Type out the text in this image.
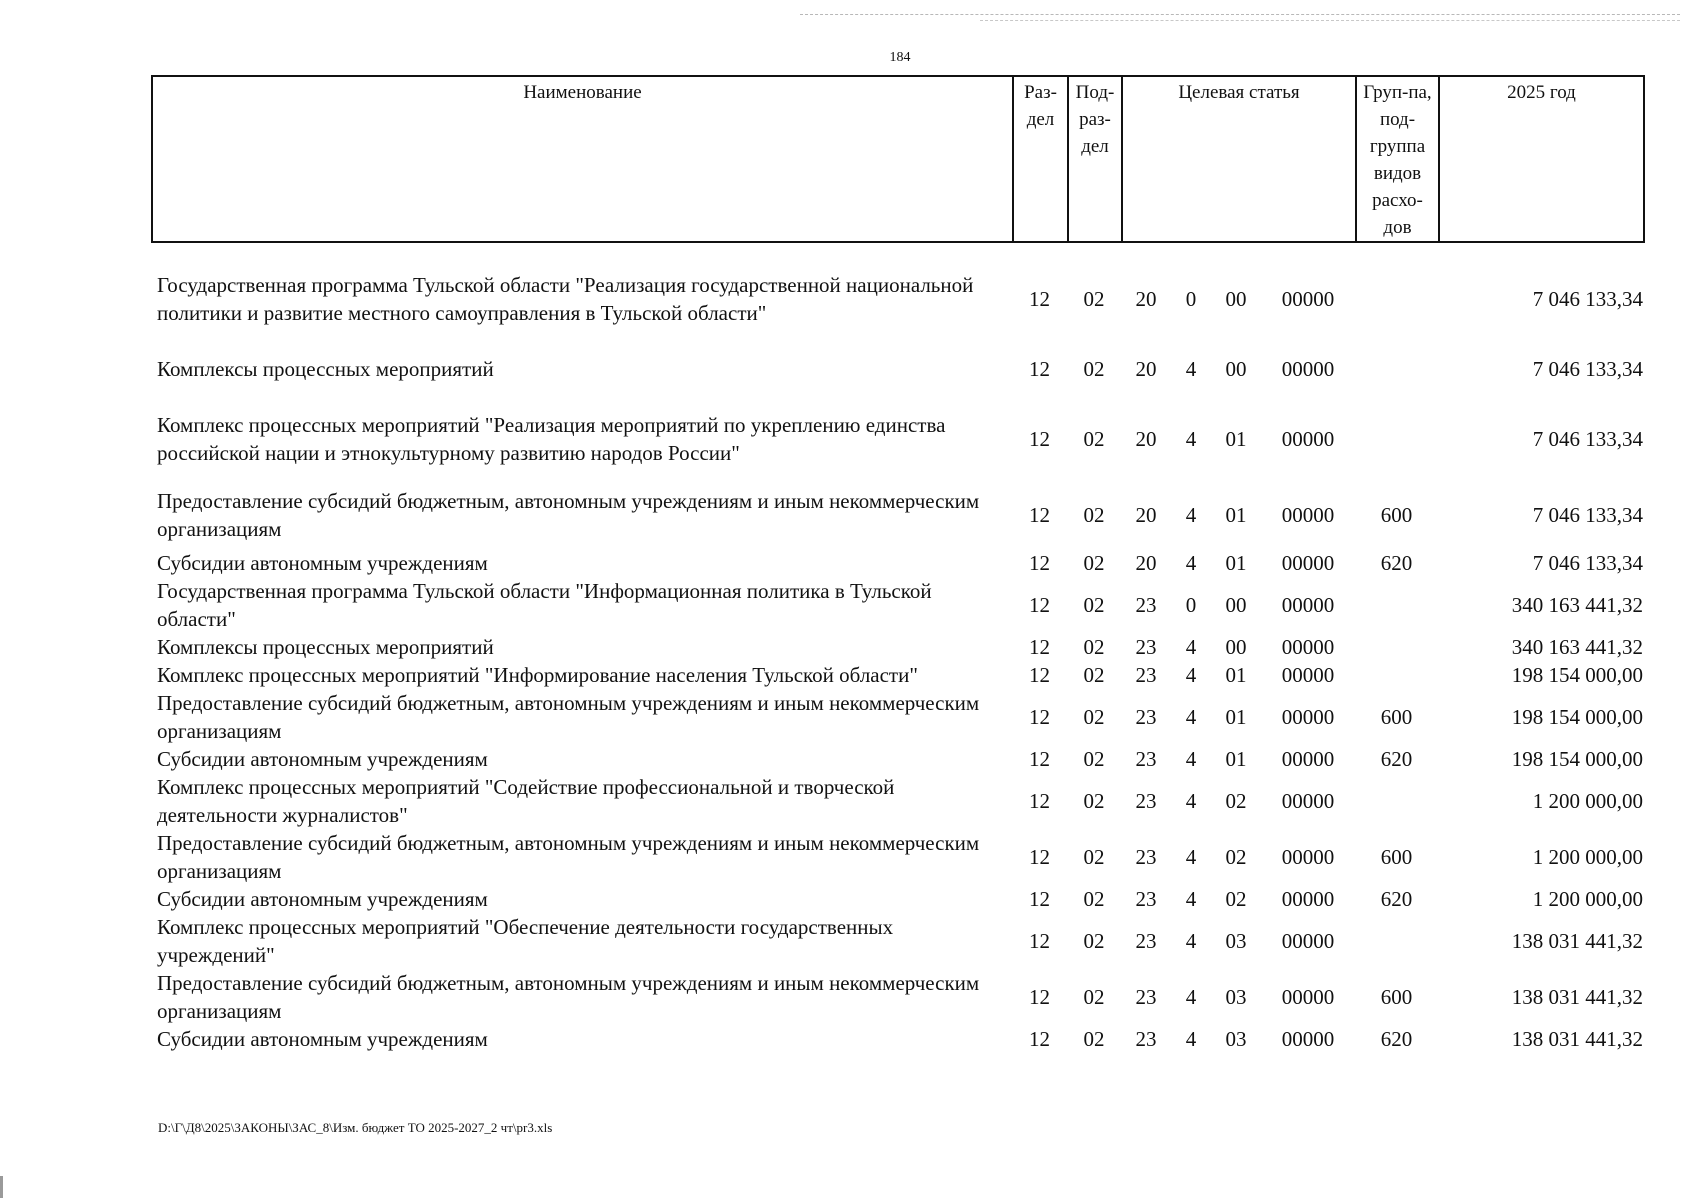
184
Наименование	Раз-дел	Под-раз-дел	Целевая статья	Груп-па, под-группа видов расхо-дов	2025 год
Государственная программа Тульской области "Реализация государственной национальной политики и развитие местного самоуправления в Тульской области"	12	02	20	0	00	00000		7 046 133,34
Комплексы процессных мероприятий	12	02	20	4	00	00000		7 046 133,34
Комплекс процессных мероприятий "Реализация мероприятий по укреплению единства российской нации и этнокультурному развитию народов России"	12	02	20	4	01	00000		7 046 133,34
Предоставление субсидий бюджетным, автономным учреждениям и иным некоммерческим организациям	12	02	20	4	01	00000	600	7 046 133,34
Субсидии автономным учреждениям	12	02	20	4	01	00000	620	7 046 133,34
Государственная программа Тульской области "Информационная политика в Тульской области"	12	02	23	0	00	00000		340 163 441,32
Комплексы процессных мероприятий	12	02	23	4	00	00000		340 163 441,32
Комплекс процессных мероприятий "Информирование населения Тульской области"	12	02	23	4	01	00000		198 154 000,00
Предоставление субсидий бюджетным, автономным учреждениям и иным некоммерческим организациям	12	02	23	4	01	00000	600	198 154 000,00
Субсидии автономным учреждениям	12	02	23	4	01	00000	620	198 154 000,00
Комплекс процессных мероприятий "Содействие профессиональной и творческой деятельности журналистов"	12	02	23	4	02	00000		1 200 000,00
Предоставление субсидий бюджетным, автономным учреждениям и иным некоммерческим организациям	12	02	23	4	02	00000	600	1 200 000,00
Субсидии автономным учреждениям	12	02	23	4	02	00000	620	1 200 000,00
Комплекс процессных мероприятий "Обеспечение деятельности государственных учреждений"	12	02	23	4	03	00000		138 031 441,32
Предоставление субсидий бюджетным, автономным учреждениям и иным некоммерческим организациям	12	02	23	4	03	00000	600	138 031 441,32
Субсидии автономным учреждениям	12	02	23	4	03	00000	620	138 031 441,32
D:\Г\Д8\2025\ЗАКОНЫ\ЗАС_8\Изм. бюджет ТО 2025-2027_2 чт\pr3.xls
